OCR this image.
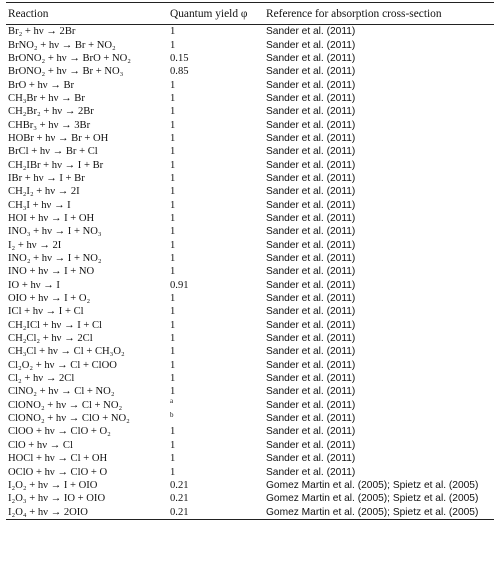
Reaction	Quantum yield φ	Reference for absorption cross-section
Br₂ + hν → 2Br	1	Sander et al. (2011)
BrNO₂ + hν → Br + NO₂	1	Sander et al. (2011)
BrONO₂ + hν → BrO + NO₂	0.15	Sander et al. (2011)
BrONO₂ + hν → Br + NO₃	0.85	Sander et al. (2011)
BrO + hν → Br	1	Sander et al. (2011)
CH₃Br + hν → Br	1	Sander et al. (2011)
CH₂Br₂ + hν → 2Br	1	Sander et al. (2011)
CHBr₃ + hν → 3Br	1	Sander et al. (2011)
HOBr + hν → Br + OH	1	Sander et al. (2011)
BrCl + hν → Br + Cl	1	Sander et al. (2011)
CH₂IBr + hν → I + Br	1	Sander et al. (2011)
IBr + hν → I + Br	1	Sander et al. (2011)
CH₂I₂ + hν → 2I	1	Sander et al. (2011)
CH₃I + hν → I	1	Sander et al. (2011)
HOI + hν → I + OH	1	Sander et al. (2011)
INO₃ + hν → I + NO₃	1	Sander et al. (2011)
I₂ + hν → 2I	1	Sander et al. (2011)
INO₂ + hν → I + NO₂	1	Sander et al. (2011)
INO + hν → I + NO	1	Sander et al. (2011)
IO + hν → I	0.91	Sander et al. (2011)
OIO + hν → I + O₂	1	Sander et al. (2011)
ICl + hν → I + Cl	1	Sander et al. (2011)
CH₂ICl + hν → I + Cl	1	Sander et al. (2011)
CH₂Cl₂ + hν → 2Cl	1	Sander et al. (2011)
CH₃Cl + hν → Cl + CH₃O₂	1	Sander et al. (2011)
Cl₂O₂ + hν → Cl + ClOO	1	Sander et al. (2011)
Cl₂ + hν → 2Cl	1	Sander et al. (2011)
ClNO₂ + hν → Cl + NO₂	1	Sander et al. (2011)
ClONO₂ + hν → Cl + NO₂	$^a$	Sander et al. (2011)
ClONO₂ + hν → ClO + NO₂	$^b$	Sander et al. (2011)
ClOO + hν → ClO + O₂	1	Sander et al. (2011)
ClO + hν → Cl	1	Sander et al. (2011)
HOCl + hν → Cl + OH	1	Sander et al. (2011)
OClO + hν → ClO + O	1	Sander et al. (2011)
I₂O₂ + hν → I + OIO	0.21	Gomez Martin et al. (2005); Spietz et al. (2005)
I₂O₃ + hν → IO + OIO	0.21	Gomez Martin et al. (2005); Spietz et al. (2005)
I₂O₄ + hν → 2OIO	0.21	Gomez Martin et al. (2005); Spietz et al. (2005)
